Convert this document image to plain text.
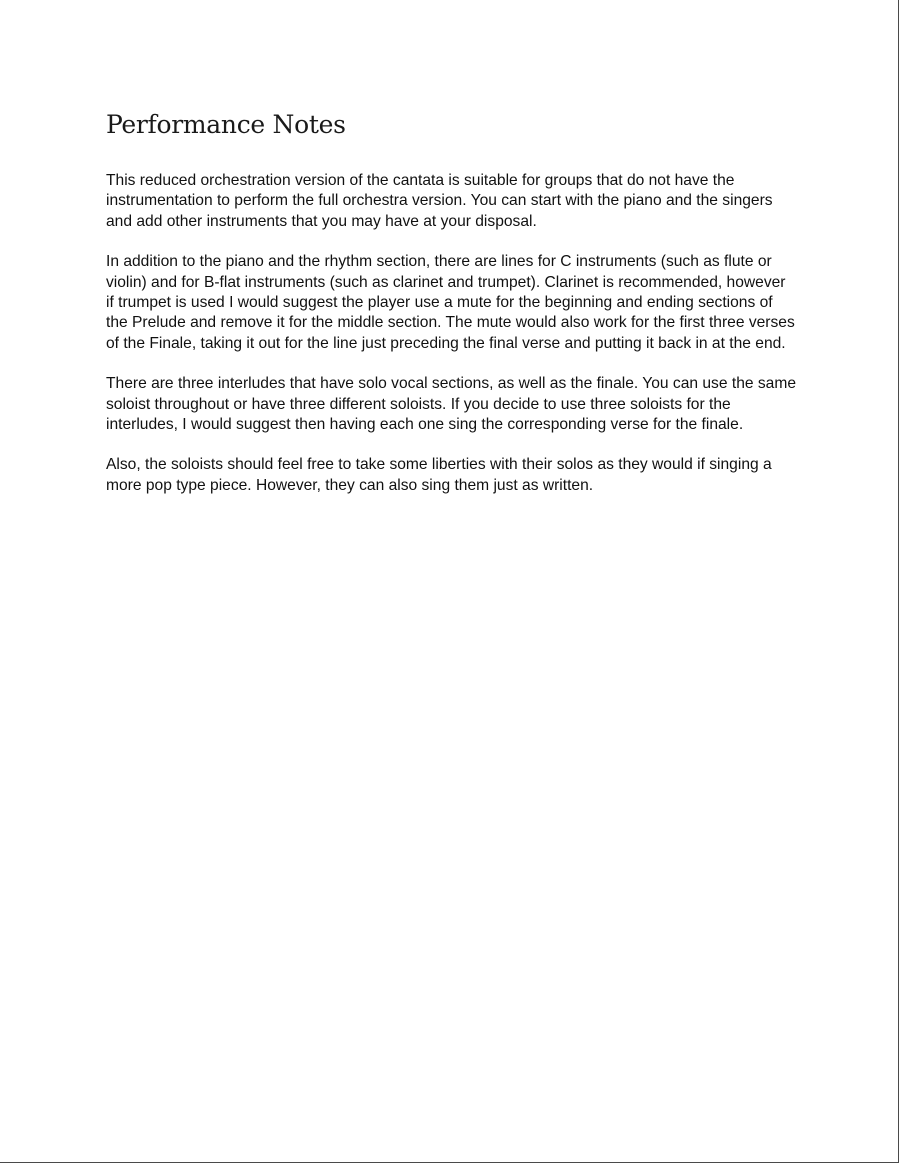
Performance Notes

This reduced orchestration version of the cantata is suitable for groups that do not have the instrumentation to perform the full orchestra version. You can start with the piano and the singers and add other instruments that you may have at your disposal.

In addition to the piano and the rhythm section, there are lines for C instruments (such as flute or violin) and for B-flat instruments (such as clarinet and trumpet). Clarinet is recommended, however if trumpet is used I would suggest the player use a mute for the beginning and ending sections of the Prelude and remove it for the middle section. The mute would also work for the first three verses of the Finale, taking it out for the line just preceding the final verse and putting it back in at the end.

There are three interludes that have solo vocal sections, as well as the finale. You can use the same soloist throughout or have three different soloists. If you decide to use three soloists for the interludes, I would suggest then having each one sing the corresponding verse for the finale.

Also, the soloists should feel free to take some liberties with their solos as they would if singing a more pop type piece. However, they can also sing them just as written.
